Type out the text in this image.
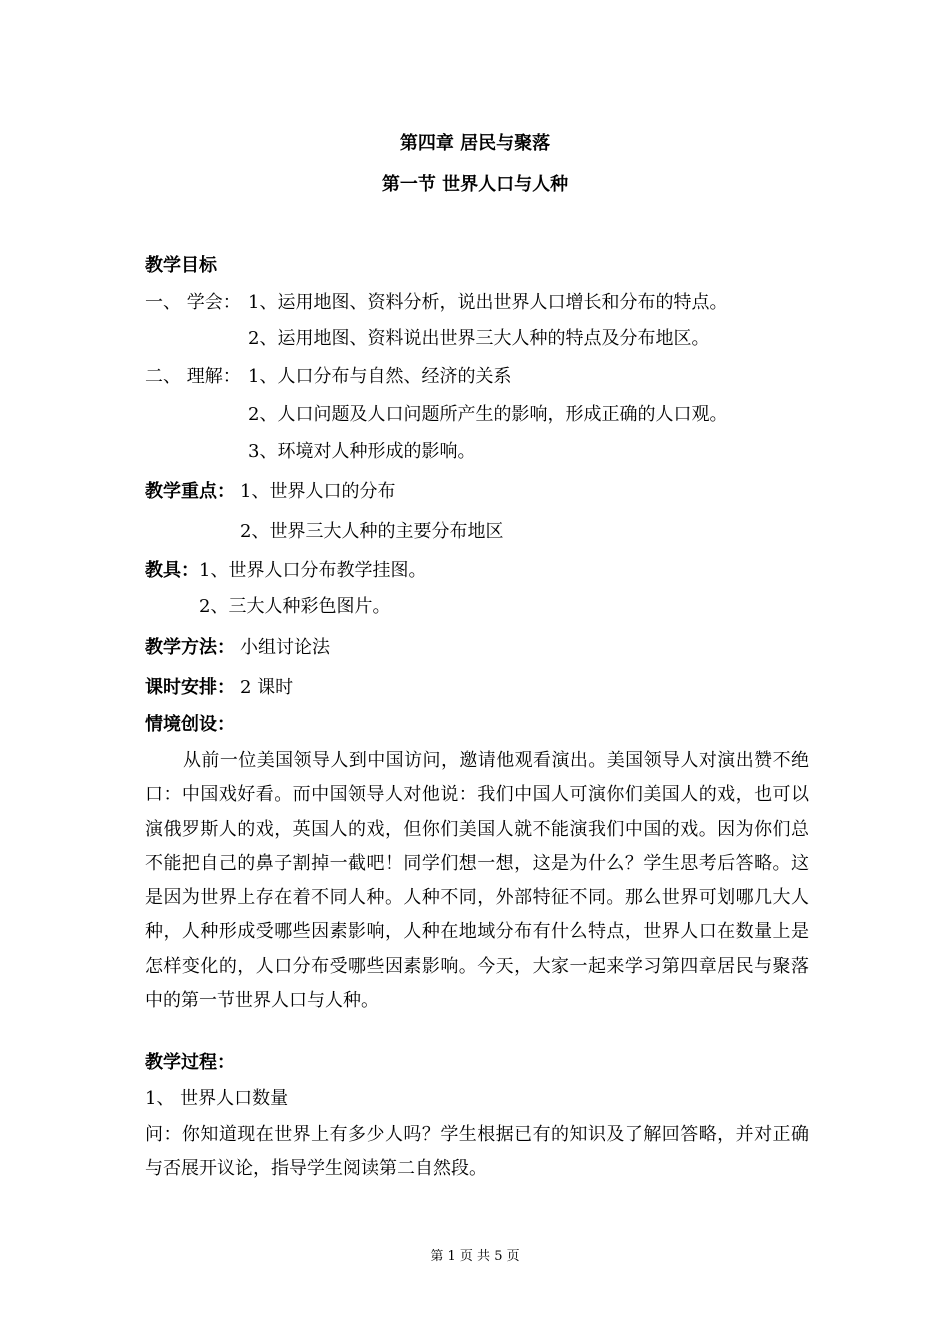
第四章 居民与聚落
第一节 世界人口与人种
教学目标
一、 学会： 1、运用地图、资料分析，说出世界人口增长和分布的特点。
2、运用地图、资料说出世界三大人种的特点及分布地区。
二、 理解： 1、人口分布与自然、经济的关系
2、人口问题及人口问题所产生的影响，形成正确的人口观。
3、环境对人种形成的影响。
教学重点： 1、世界人口的分布
2、世界三大人种的主要分布地区
教具： 1、世界人口分布教学挂图。
2、三大人种彩色图片。
教学方法： 小组讨论法
课时安排： 2 课时
情境创设：
从前一位美国领导人到中国访问，邀请他观看演出。美国领导人对演出赞不绝口：中国戏好看。而中国领导人对他说：我们中国人可演你们美国人的戏，也可以演俄罗斯人的戏，英国人的戏，但你们美国人就不能演我们中国的戏。因为你们总不能把自己的鼻子割掉一截吧！同学们想一想，这是为什么？学生思考后答略。这是因为世界上存在着不同人种。人种不同，外部特征不同。那么世界可划哪几大人种，人种形成受哪些因素影响，人种在地域分布有什么特点，世界人口在数量上是怎样变化的，人口分布受哪些因素影响。今天，大家一起来学习第四章居民与聚落中的第一节世界人口与人种。
教学过程：
1、 世界人口数量
问：你知道现在世界上有多少人吗？学生根据已有的知识及了解回答略，并对正确与否展开议论，指导学生阅读第二自然段。
第 1 页 共 5 页
